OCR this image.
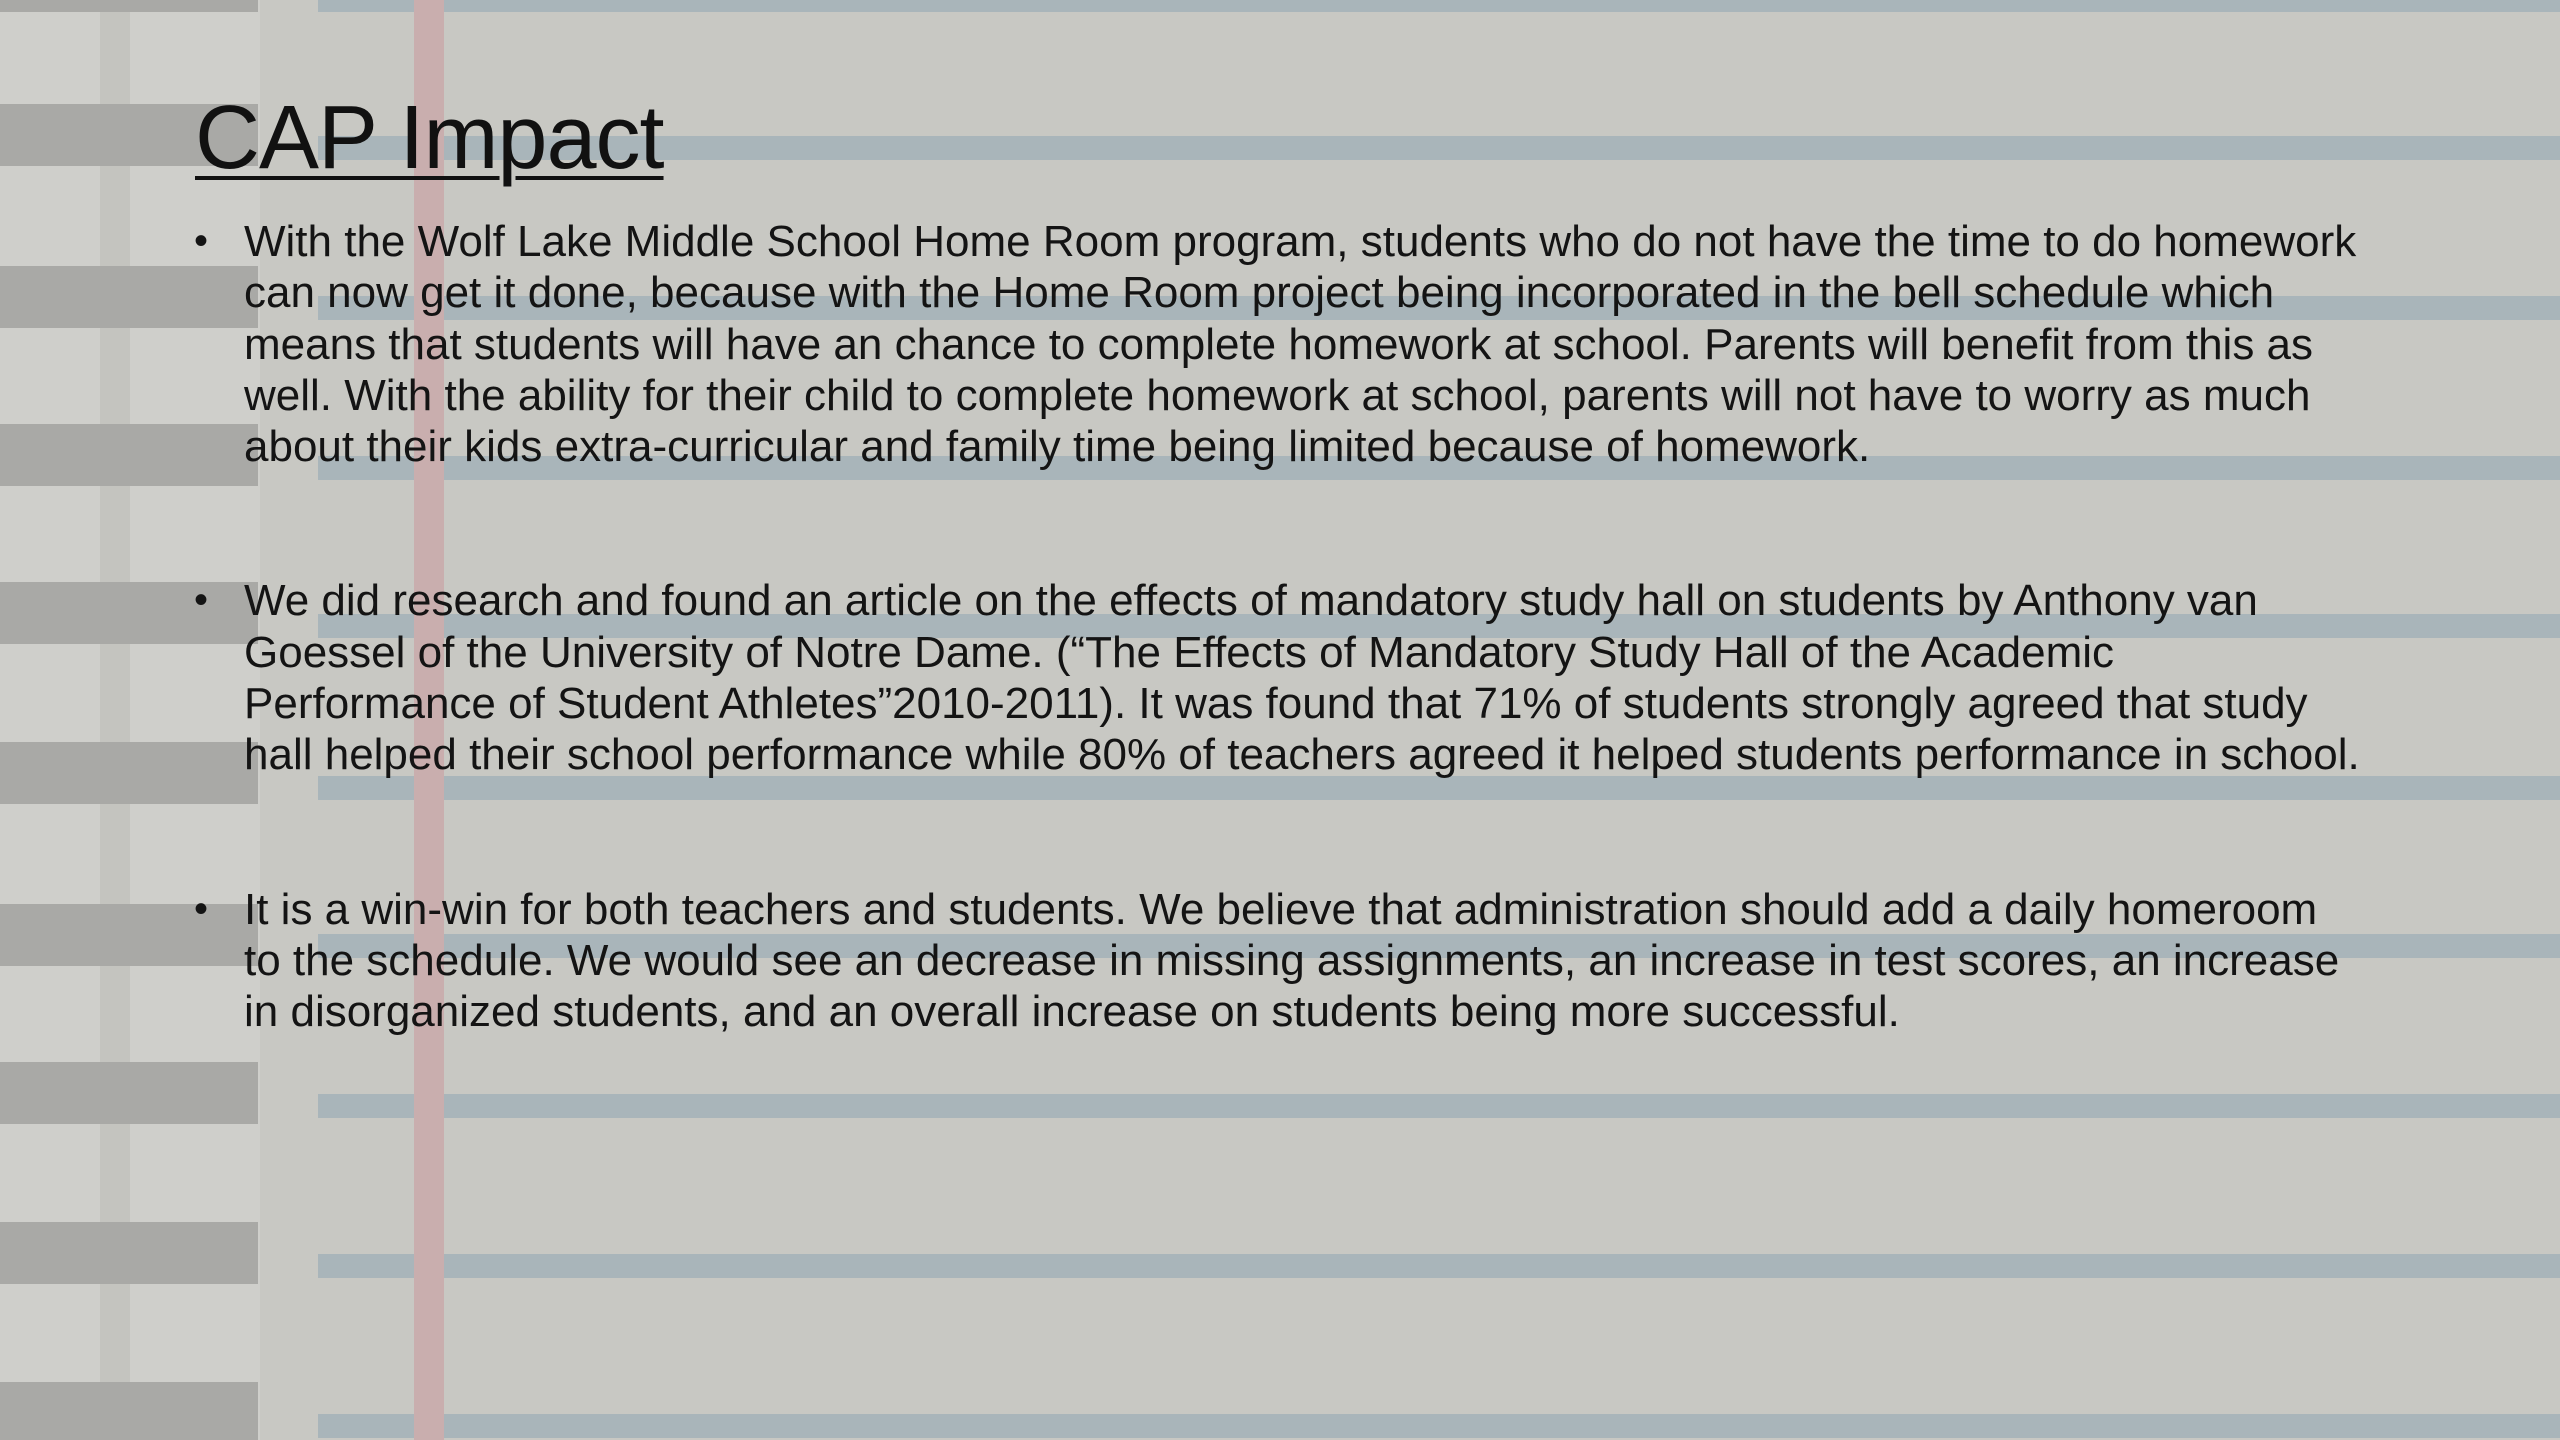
CAP Impact
• With the Wolf Lake Middle School Home Room program, students who do not have the time to do homework can now get it done, because with the Home Room project being incorporated in the bell schedule which means that students will have an chance to complete homework at school. Parents will benefit from this as well. With the ability for their child to complete homework at school, parents will not have to worry as much about their kids extra-curricular and family time being limited because of homework.
• We did research and found an article on the effects of mandatory study hall on students by Anthony van Goessel of the University of Notre Dame. (“The Effects of Mandatory Study Hall of the Academic Performance of Student Athletes”2010-2011). It was found that 71% of students strongly agreed that study hall helped their school performance while 80% of teachers agreed it helped students performance in school.
• It is a win-win for both teachers and students. We believe that administration should add a daily homeroom to the schedule. We would see an decrease in missing assignments, an increase in test scores, an increase in disorganized students, and an overall increase on students being more successful.
